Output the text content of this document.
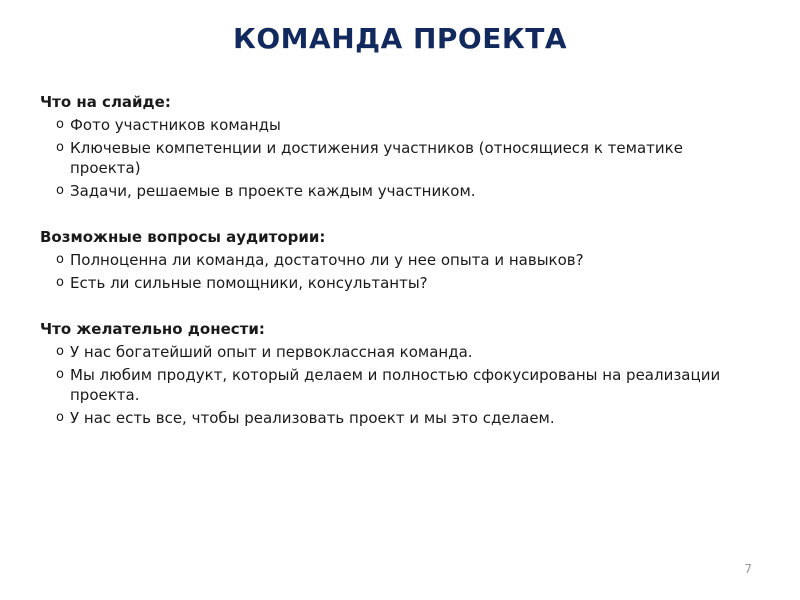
КОМАНДА ПРОЕКТА
Что на слайде:
o Фото участников команды
o Ключевые компетенции и достижения участников (относящиеся к тематике проекта)
o Задачи, решаемые в проекте каждым участником.
Возможные вопросы аудитории:
o Полноценна ли команда, достаточно ли у нее опыта и навыков?
o Есть ли сильные помощники, консультанты?
Что желательно донести:
o У нас богатейший опыт и первоклассная команда.
o Мы любим продукт, который делаем и полностью сфокусированы на реализации проекта.
o У нас есть все, чтобы реализовать проект и мы это сделаем.
7
